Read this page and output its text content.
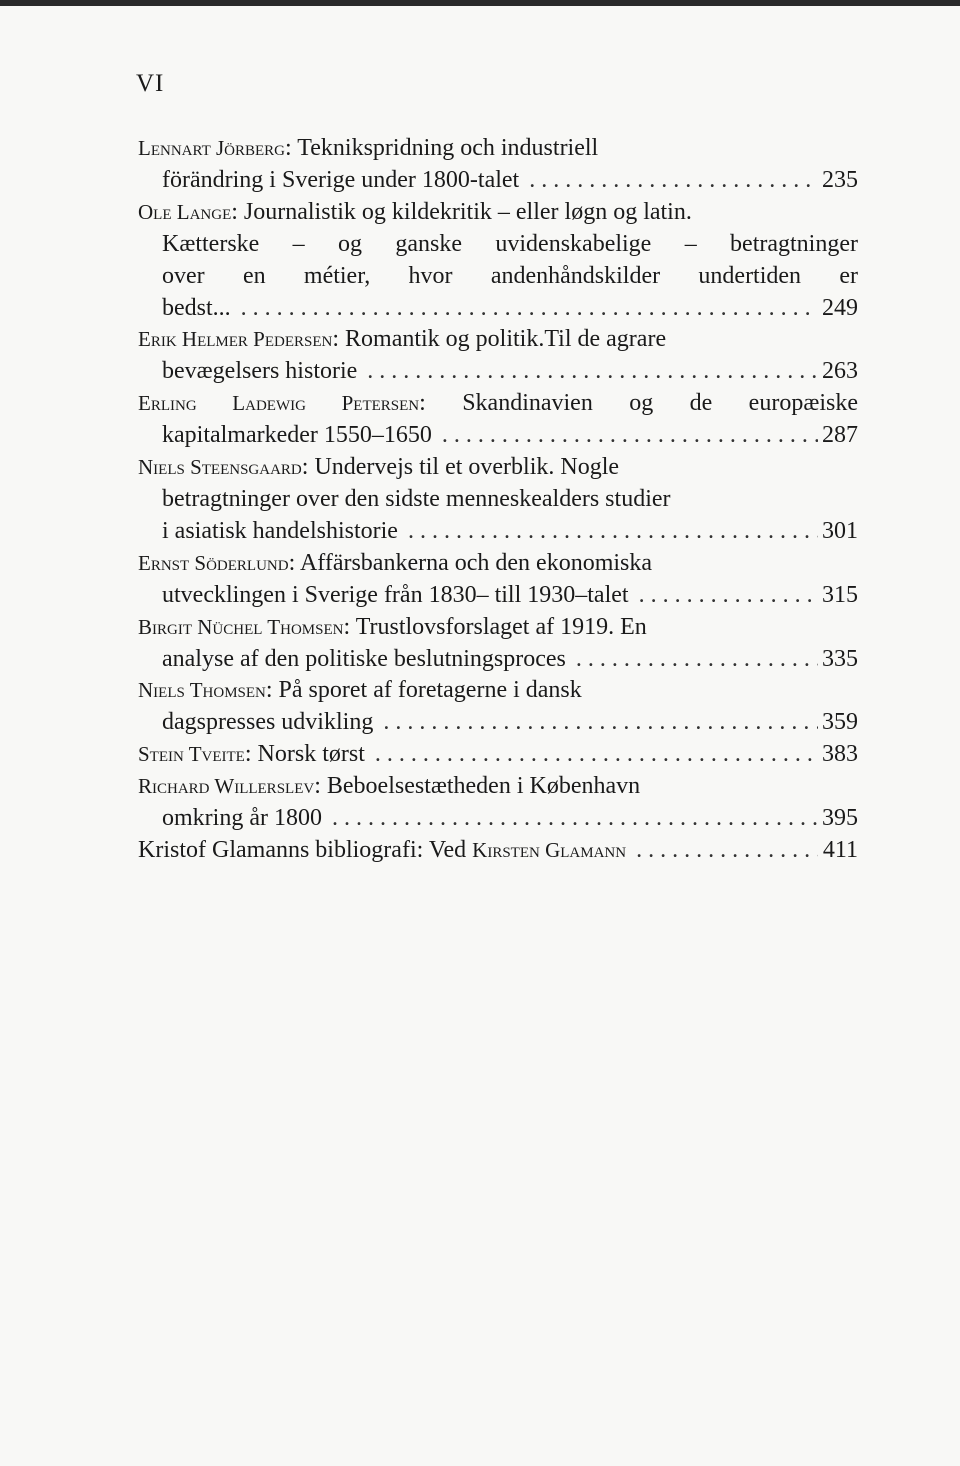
VI
Lennart Jörberg: Teknikspridning och industriell
förändring i Sverige under 1800-talet . . .	235
Ole Lange: Journalistik og kildekritik – eller løgn og latin.
Kætterske – og ganske uvidenskabelige – betragtninger
over en métier, hvor andenhåndskilder undertiden er
bedst... . . .	249
Erik Helmer Pedersen: Romantik og politik.Til de agrare
bevægelsers historie . . .	263
Erling Ladewig Petersen: Skandinavien og de europæiske
kapitalmarkeder 1550–1650 . . .	287
Niels Steensgaard: Undervejs til et overblik. Nogle
betragtninger over den sidste menneskealders studier
i asiatisk handelshistorie . . .	301
Ernst Söderlund: Affärsbankerna och den ekonomiska
utvecklingen i Sverige från 1830– till 1930–talet . . .	315
Birgit Nüchel Thomsen: Trustlovsforslaget af 1919. En
analyse af den politiske beslutningsproces . . .	335
Niels Thomsen: På sporet af foretagerne i dansk
dagspresses udvikling . . .	359
Stein Tveite: Norsk tørst . . .	383
Richard Willerslev: Beboelsestætheden i København
omkring år 1800 . . .	395
Kristof Glamanns bibliografi: Ved Kirsten Glamann . . .	411
